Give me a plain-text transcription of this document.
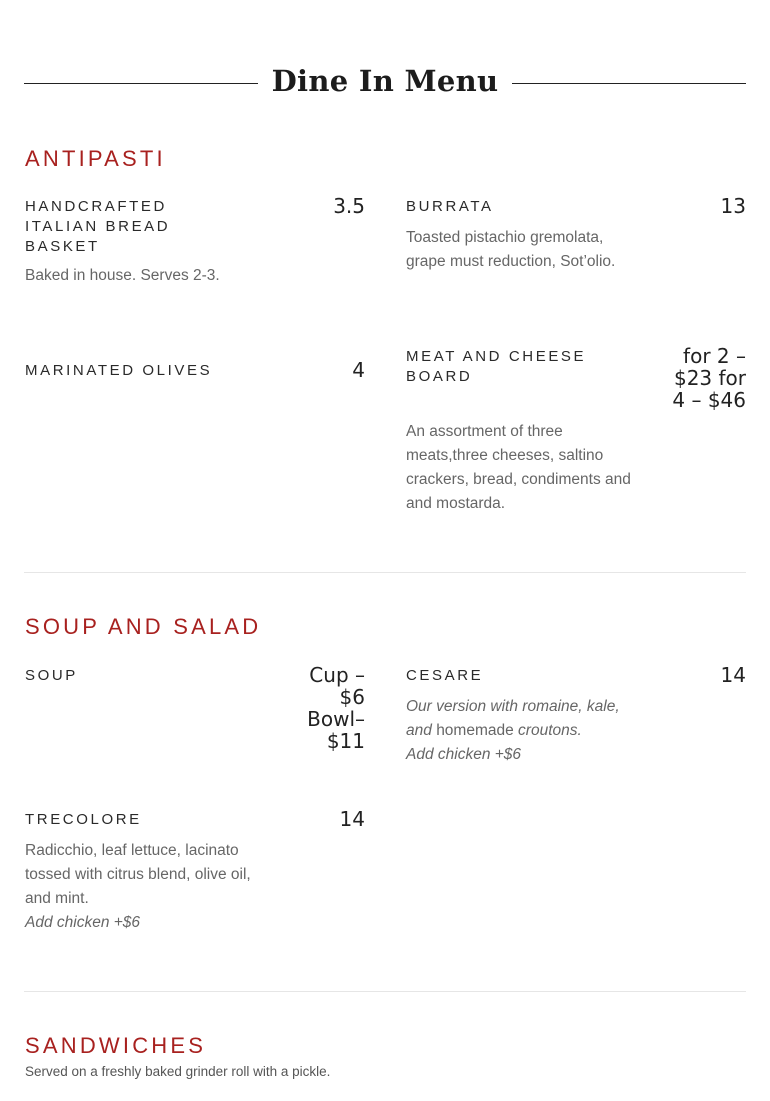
Dine In Menu
ANTIPASTI
HANDCRAFTED ITALIAN BREAD BASKET
3.5
Baked in house. Serves 2-3.
BURRATA	13
Toasted pistachio gremolata, grape must reduction, Sot’olio.
MARINATED OLIVES	4
MEAT AND CHEESE BOARD
for 2 – $23 for 4 – $46
An assortment of three meats,three cheeses, saltino crackers, bread, condiments and and mostarda.
SOUP AND SALAD
SOUP	Cup – $6 Bowl– $11
CESARE	14
Our version with romaine, kale, and homemade croutons.
Add chicken +$6
TRECOLORE	14
Radicchio, leaf lettuce, lacinato tossed with citrus blend, olive oil, and mint.
Add chicken +$6
SANDWICHES
Served on a freshly baked grinder roll with a pickle.
